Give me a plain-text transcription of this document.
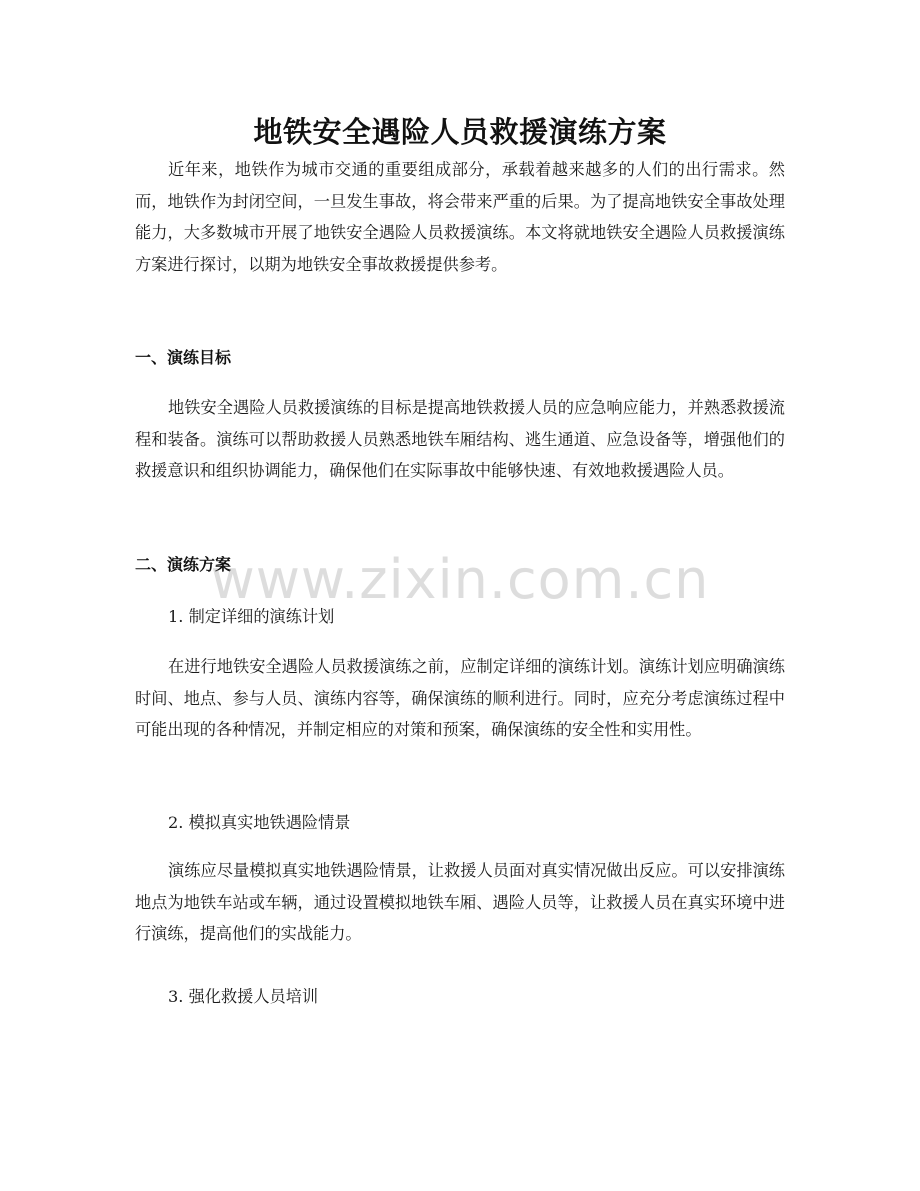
地铁安全遇险人员救援演练方案

近年来，地铁作为城市交通的重要组成部分，承载着越来越多的人们的出行需求。然而，地铁作为封闭空间，一旦发生事故，将会带来严重的后果。为了提高地铁安全事故处理能力，大多数城市开展了地铁安全遇险人员救援演练。本文将就地铁安全遇险人员救援演练方案进行探讨，以期为地铁安全事故救援提供参考。

一、演练目标

地铁安全遇险人员救援演练的目标是提高地铁救援人员的应急响应能力，并熟悉救援流程和装备。演练可以帮助救援人员熟悉地铁车厢结构、逃生通道、应急设备等，增强他们的救援意识和组织协调能力，确保他们在实际事故中能够快速、有效地救援遇险人员。

二、演练方案
1. 制定详细的演练计划

在进行地铁安全遇险人员救援演练之前，应制定详细的演练计划。演练计划应明确演练时间、地点、参与人员、演练内容等，确保演练的顺利进行。同时，应充分考虑演练过程中可能出现的各种情况，并制定相应的对策和预案，确保演练的安全性和实用性。

2. 模拟真实地铁遇险情景

演练应尽量模拟真实地铁遇险情景，让救援人员面对真实情况做出反应。可以安排演练地点为地铁车站或车辆，通过设置模拟地铁车厢、遇险人员等，让救援人员在真实环境中进行演练，提高他们的实战能力。

3. 强化救援人员培训
www.zixin.com.cn
